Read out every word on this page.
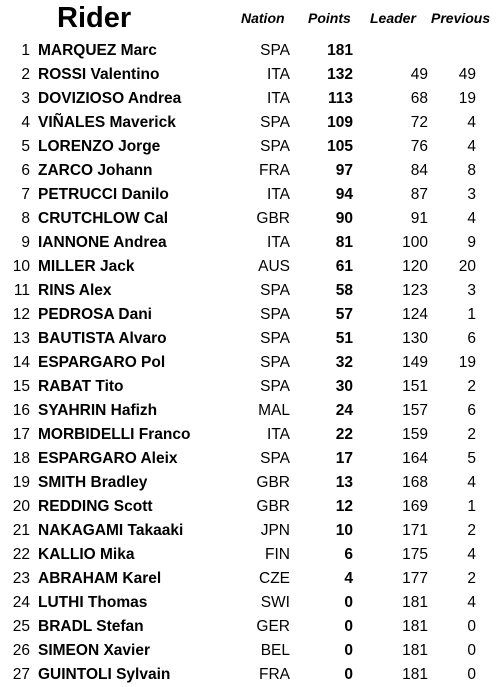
Rider	Nation Points Leader Previous
1 MARQUEZ Marc	SPA 181
2 ROSSI Valentino	ITA 132	49 49
3 DOVIZIOSO Andrea	ITA 113	68 19
4 VIÑALES Maverick	SPA 109	72	4
5 LORENZO Jorge	SPA 105	76	4
6 ZARCO Johann	FRA	97	84	8
7 PETRUCCI Danilo	ITA	94	87	3
8 CRUTCHLOW Cal	GBR	90	91	4
9 IANNONE Andrea	ITA	81	100	9
10 MILLER Jack	AUS	61	120 20
11 RINS Alex	SPA	58	123	3
12 PEDROSA Dani	SPA	57	124	1
13 BAUTISTA Alvaro	SPA	51	130	6
14 ESPARGARO Pol	SPA	32	149 19
15 RABAT Tito	SPA	30	151	2
16 SYAHRIN Hafizh	MAL	24	157	6
17 MORBIDELLI Franco	ITA	22	159	2
18 ESPARGARO Aleix	SPA	17	164	5
19 SMITH Bradley	GBR	13	168	4
20 REDDING Scott	GBR	12	169	1
21 NAKAGAMI Takaaki	JPN	10	171	2
22 KALLIO Mika	FIN	6	175	4
23 ABRAHAM Karel	CZE	4	177	2
24 LUTHI Thomas	SWI	0	181	4
25 BRADL Stefan	GER	0	181	0
26 SIMEON Xavier	BEL	0	181	0
27 GUINTOLI Sylvain	FRA	0	181	0
